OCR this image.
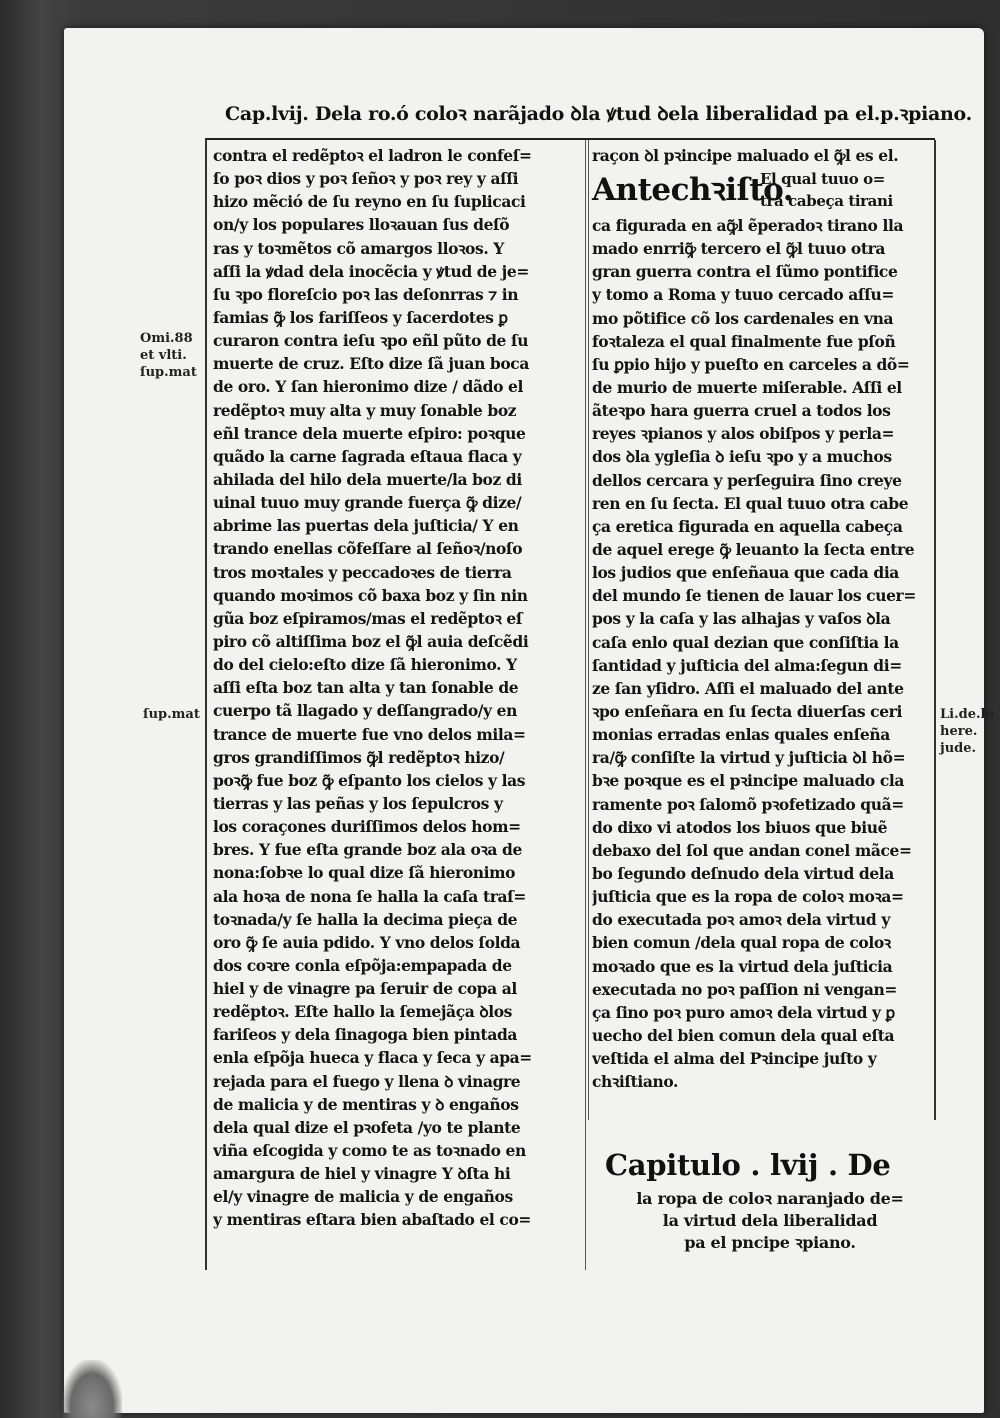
Cap.lvij. Dela ro.ó coloꝛ narãjado ꝺla ꝟtud ꝺela liberalidad pa el.p.ꝛpiano.
contra el redẽptoꝛ el ladron le confeſ=
ſo poꝛ dios y poꝛ ſeñoꝛ y poꝛ rey y aſſi
hizo mẽció de ſu reyno en ſu ſuplicaci
on/y los populares lloꝛauan ſus deſõ
ras y toꝛmẽtos cõ amargos lloꝛos. Y
aſſi la ꝟdad dela inocẽcia y ꝟtud de je=
ſu ꝛpo floreſcio poꝛ las deſonrras ⁊ in
famias ꝙ̃ los fariſſeos y ſacerdotes ꝑ
curaron contra ieſu ꝛpo eñl pũto de ſu
muerte de cruz. Eſto dize ſã juan boca
de oro. Y ſan hieronimo dize / dãdo el
redẽptoꝛ muy alta y muy ſonable boz
eñl trance dela muerte eſpiro: poꝛque
quãdo la carne ſagrada eſtaua flaca y
ahilada del hilo dela muerte/la boz di
uinal tuuo muy grande fuerça ꝙ̃ dize/
abrime las puertas dela juſticia/ Y en
trando enellas cõfeſſare al ſeñoꝛ/noſo
tros moꝛtales y peccadoꝛes de tierra
quando moꝛimos cõ baxa boz y ſin nin
gũa boz eſpiramos/mas el redẽptoꝛ eſ
piro cõ altiſſima boz el ꝙ̃l auia deſcẽdi
do del cielo:eſto dize ſã hieronimo. Y
aſſi eſta boz tan alta y tan ſonable de
cuerpo tã llagado y deſſangrado/y en
trance de muerte fue vno delos mila=
gros grandiſſimos ꝙ̃l redẽptoꝛ hizo/
poꝛꝙ̃ fue boz ꝙ̃ eſpanto los cielos y las
tierras y las peñas y los ſepulcros y
los coraçones duriſſimos delos hom=
bres. Y fue eſta grande boz ala oꝛa de
nona:ſobꝛe lo qual dize ſã hieronimo
ala hoꝛa de nona ſe halla la caſa traſ=
toꝛnada/y ſe halla la decima pieça de
oro ꝙ̃ ſe auia pdido. Y vno delos ſolda
dos coꝛre conla eſpõja:empapada de
hiel y de vinagre pa ſeruir de copa al
redẽptoꝛ. Eſte hallo la ſemejãça ꝺlos
fariſeos y dela ſinagoga bien pintada
enla eſpõja hueca y flaca y ſeca y apa=
rejada para el fuego y llena ꝺ vinagre
de malicia y de mentiras y ꝺ engaños
dela qual dize el pꝛofeta /yo te plante
viña eſcogida y como te as toꝛnado en
amargura de hiel y vinagre Y ꝺſta hi
el/y vinagre de malicia y de engaños
y mentiras eſtara bien abaſtado el co=
raçon ꝺl pꝛincipe maluado el ꝙ̃l es el.
Antechꝛiſto.
El qual tuuo o=
tra cabeça tirani
ca figurada en aꝙ̃l ẽperadoꝛ tirano lla
mado enrriꝙ̃ tercero el ꝙ̃l tuuo otra
gran guerra contra el ſũmo pontifice
y tomo a Roma y tuuo cercado aſſu=
mo põtifice cõ los cardenales en vna
foꝛtaleza el qual finalmente fue pſoñ
ſu ꝑpio hijo y pueſto en carceles a dõ=
de murio de muerte miſerable. Aſſi el
ãteꝛpo hara guerra cruel a todos los
reyes ꝛpianos y alos obiſpos y perla=
dos ꝺla ygleſia ꝺ ieſu ꝛpo y a muchos
dellos cercara y perſeguira ſino creye
ren en ſu ſecta. El qual tuuo otra cabe
ça eretica figurada en aquella cabeça
de aquel erege ꝙ̃ leuanto la ſecta entre
los judios que enſeñaua que cada dia
del mundo ſe tienen de lauar los cuer=
pos y la caſa y las alhajas y vaſos ꝺla
caſa enlo qual dezian que conſiſtia la
ſantidad y juſticia del alma:ſegun di=
ze ſan yſidro. Aſſi el maluado del ante
ꝛpo enſeñara en ſu ſecta diuerſas ceri
monias erradas enlas quales enſeña
ra/ꝙ̃ conſiſte la virtud y juſticia ꝺl hõ=
bꝛe poꝛque es el pꝛincipe maluado cla
ramente poꝛ ſalomõ pꝛofetizado quã=
do dixo vi atodos los biuos que biuẽ
debaxo del ſol que andan conel mãce=
bo ſegundo deſnudo dela virtud dela
juſticia que es la ropa de coloꝛ moꝛa=
do executada poꝛ amoꝛ dela virtud y
bien comun /dela qual ropa de coloꝛ
moꝛado que es la virtud dela juſticia
executada no poꝛ paſſion ni vengan=
ça ſino poꝛ puro amoꝛ dela virtud y ꝑ
uecho del bien comun dela qual eſta
veſtida el alma del Pꝛincipe juſto y
chꝛiſtiano.
Omi.88
et vlti.
ſup.mat
ſup.mat	Li.de.lo
here.
jude.
Capitulo . lvij . De
la ropa de coloꝛ naranjado de=
la virtud dela liberalidad
pa el pncipe ꝛpiano.
